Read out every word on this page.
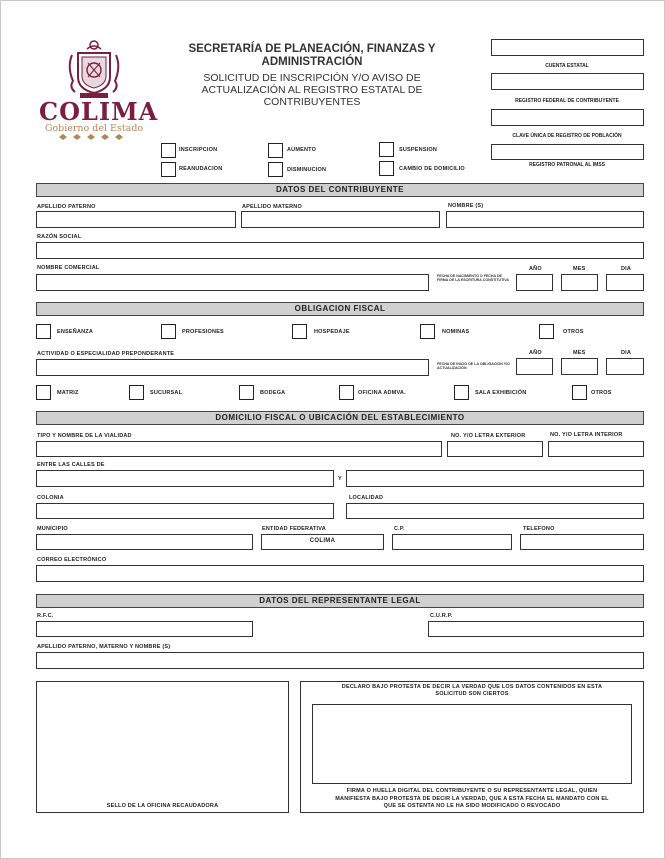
COLIMA
Gobierno del Estado
SECRETARÍA DE PLANEACIÓN, FINANZAS Y ADMINISTRACIÓN
SOLICITUD DE INSCRIPCIÓN Y/O AVISO DE ACTUALIZACIÓN AL REGISTRO ESTATAL DE CONTRIBUYENTES
CUENTA ESTATAL
REGISTRO FEDERAL DE CONTRIBUYENTE
CLAVE ÚNICA DE REGISTRO DE POBLACIÓN
REGISTRO PATRONAL AL IMSS
INSCRIPCION	AUMENTO	SUSPENSION
REANUDACION	DISMINUCION	CAMBIO DE DOMICILIO
DATOS DEL CONTRIBUYENTE
APELLIDO PATERNO	APELLIDO MATERNO	NOMBRE (S)
RAZÓN SOCIAL
NOMBRE COMERCIAL
FECHA DE NACIMIENTO O FECHA DE FIRMA DE LA ESCRITURA CONSTITUTIVA
AÑO	MES	DIA
OBLIGACION FISCAL
ENSEÑANZA	PROFESIONES	HOSPEDAJE	NOMINAS	OTROS
ACTIVIDAD O ESPECIALIDAD PREPONDERANTE
FECHA DE INICIO DE LA OBLIGACIÓN Y/O ACTUALIZACIÓN
AÑO	MES	DIA
MATRIZ	SUCURSAL	BODEGA	OFICINA ADMVA.	SALA EXHIBICIÓN	OTROS
DOMICILIO FISCAL O UBICACIÓN DEL ESTABLECIMIENTO
TIPO Y NOMBRE DE LA VIALIDAD	NO. Y/O LETRA EXTERIOR	NO. Y/O LETRA INTERIOR
ENTRE LAS CALLES DE
Y
COLONIA	LOCALIDAD
MUNICIPIO	ENTIDAD FEDERATIVA
COLIMA
C.P.	TELEFONO
CORREO ELECTRÓNICO
DATOS DEL REPRESENTANTE LEGAL
R.F.C.	C.U.R.P.
APELLIDO PATERNO, MATERNO Y NOMBRE (S)
SELLO DE LA OFICINA RECAUDADORA
DECLARO BAJO PROTESTA DE DECIR LA VERDAD QUE LOS DATOS CONTENIDOS EN ESTA SOLICITUD SON CIERTOS
FIRMA O HUELLA DIGITAL DEL CONTRIBUYENTE O SU REPRESENTANTE LEGAL, QUIEN MANIFIESTA BAJO PROTESTA DE DECIR LA VERDAD, QUE A ESTA FECHA EL MANDATO CON EL QUE SE OSTENTA NO LE HA SIDO MODIFICADO O REVOCADO
